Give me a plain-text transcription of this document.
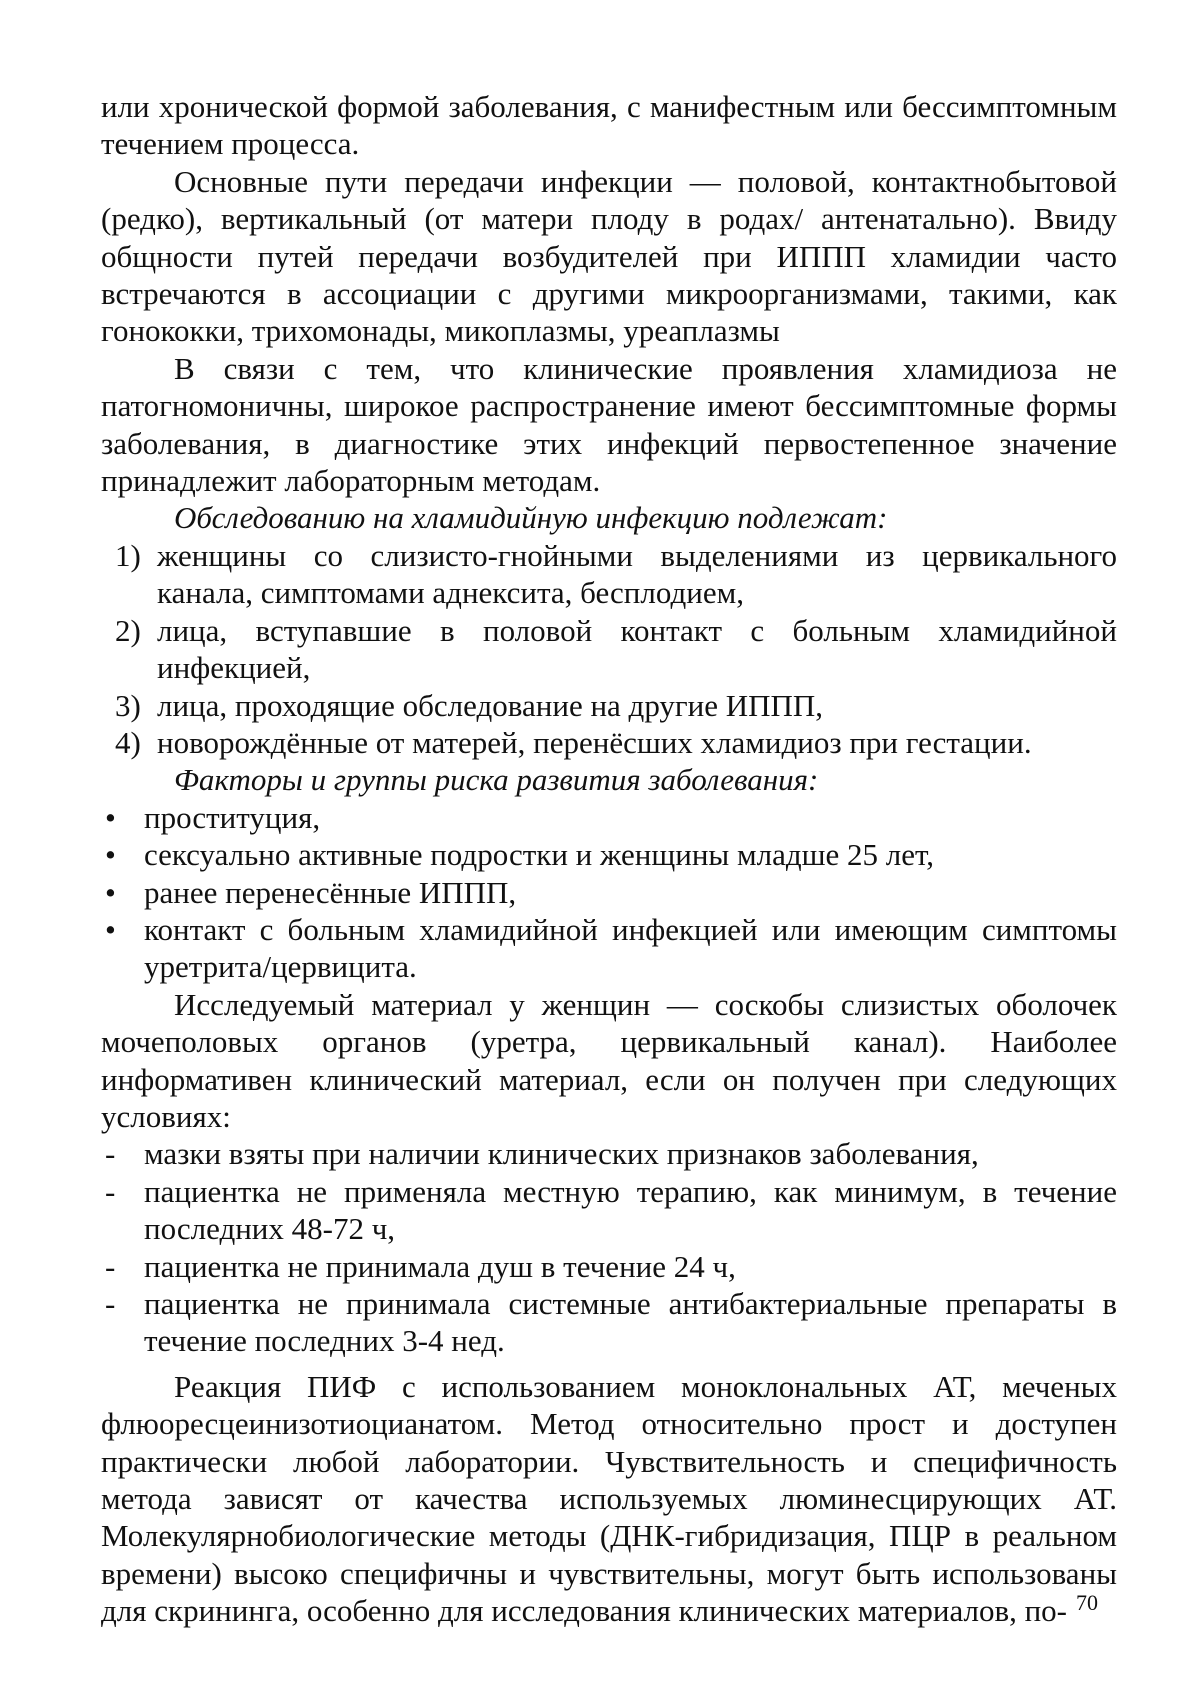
или хронической формой заболевания, с манифестным или бессимптомным течением процесса.

Основные пути передачи инфекции — половой, контактнобытовой (редко), вертикальный (от матери плоду в родах/ антенатально). Ввиду общности путей передачи возбудителей при ИППП хламидии часто встречаются в ассоциации с другими микроорганизмами, такими, как гонококки, трихомонады, микоплазмы, уреаплазмы

В связи с тем, что клинические проявления хламидиоза не патогномоничны, широкое распространение имеют бессимптомные формы заболевания, в диагностике этих инфекций первостепенное значение принадлежит лабораторным методам.

Обследованию на хламидийную инфекцию подлежат:

1) женщины со слизисто-гнойными выделениями из цервикального канала, симптомами аднексита, бесплодием,
2) лица, вступавшие в половой контакт с больным хламидийной инфекцией,
3) лица, проходящие обследование на другие ИППП,
4) новорождённые от матерей, перенёсших хламидиоз при гестации.

Факторы и группы риска развития заболевания:

• проституция,
• сексуально активные подростки и женщины младше 25 лет,
• ранее перенесённые ИППП,
• контакт с больным хламидийной инфекцией или имеющим симптомы уретрита/цервицита.

Исследуемый материал у женщин — соскобы слизистых оболочек мочеполовых органов (уретра, цервикальный канал). Наиболее информативен клинический материал, если он получен при следующих условиях:

- мазки взяты при наличии клинических признаков заболевания,
- пациентка не применяла местную терапию, как минимум, в течение последних 48-72 ч,
- пациентка не принимала душ в течение 24 ч,
- пациентка не принимала системные антибактериальные препараты в течение последних 3-4 нед.

Реакция ПИФ с использованием моноклональных АТ, меченых флюоресцеинизотиоцианатом. Метод относительно прост и доступен практически любой лаборатории. Чувствительность и специфичность метода зависят от качества используемых люминесцирующих АТ. Молекулярнобиологические методы (ДНК-гибридизация, ПЦР в реальном времени) высоко специфичны и чувствительны, могут быть использованы для скрининга, особенно для исследования клинических материалов, по- 70
